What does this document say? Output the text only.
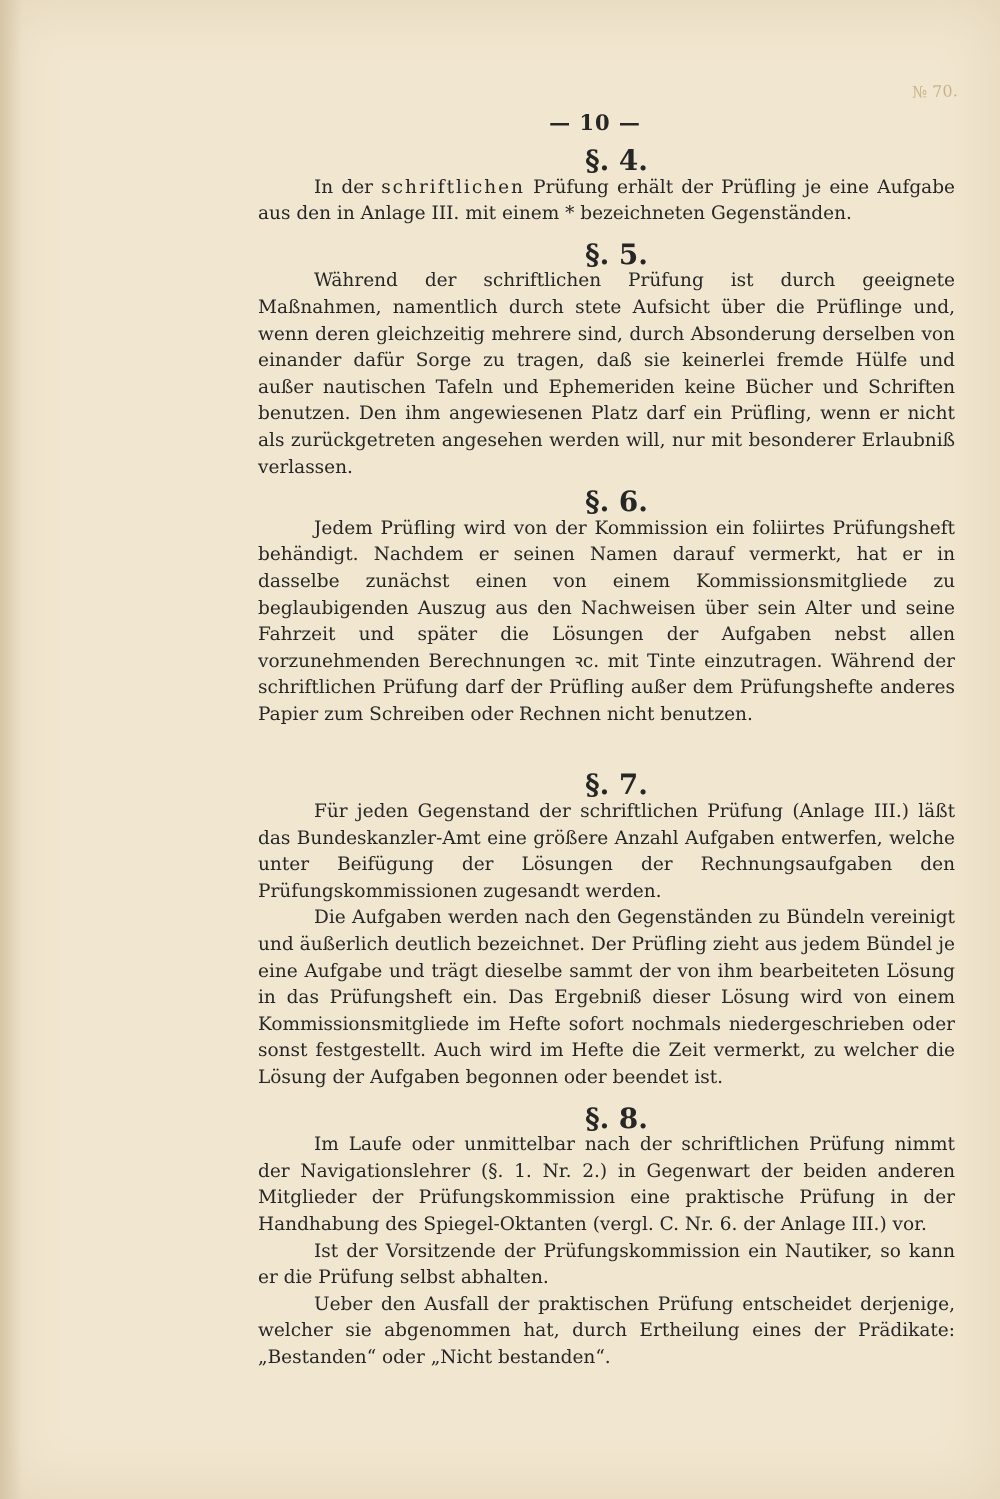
№ 70.
— 10 —
§. 4.

In der schriftlichen Prüfung erhält der Prüfling je eine Aufgabe aus den in Anlage III. mit einem * bezeichneten Gegenständen.

§. 5.

Während der schriftlichen Prüfung ist durch geeignete Maßnahmen, namentlich durch stete Aufsicht über die Prüflinge und, wenn deren gleichzeitig mehrere sind, durch Absonderung derselben von einander dafür Sorge zu tragen, daß sie keinerlei fremde Hülfe und außer nautischen Tafeln und Ephemeriden keine Bücher und Schriften benutzen. Den ihm angewiesenen Platz darf ein Prüfling, wenn er nicht als zurückgetreten angesehen werden will, nur mit besonderer Erlaubniß verlassen.

§. 6.

Jedem Prüfling wird von der Kommission ein foliirtes Prüfungsheft behändigt. Nachdem er seinen Namen darauf vermerkt, hat er in dasselbe zunächst einen von einem Kommissionsmitgliede zu beglaubigenden Auszug aus den Nachweisen über sein Alter und seine Fahrzeit und später die Lösungen der Aufgaben nebst allen vorzunehmenden Berechnungen ꝛc. mit Tinte einzutragen. Während der schriftlichen Prüfung darf der Prüfling außer dem Prüfungshefte anderes Papier zum Schreiben oder Rechnen nicht benutzen.

§. 7.

Für jeden Gegenstand der schriftlichen Prüfung (Anlage III.) läßt das Bundeskanzler-Amt eine größere Anzahl Aufgaben entwerfen, welche unter Beifügung der Lösungen der Rechnungsaufgaben den Prüfungskommissionen zugesandt werden.

Die Aufgaben werden nach den Gegenständen zu Bündeln vereinigt und äußerlich deutlich bezeichnet. Der Prüfling zieht aus jedem Bündel je eine Aufgabe und trägt dieselbe sammt der von ihm bearbeiteten Lösung in das Prüfungsheft ein. Das Ergebniß dieser Lösung wird von einem Kommissionsmitgliede im Hefte sofort nochmals niedergeschrieben oder sonst festgestellt. Auch wird im Hefte die Zeit vermerkt, zu welcher die Lösung der Aufgaben begonnen oder beendet ist.

§. 8.

Im Laufe oder unmittelbar nach der schriftlichen Prüfung nimmt der Navigationslehrer (§. 1. Nr. 2.) in Gegenwart der beiden anderen Mitglieder der Prüfungskommission eine praktische Prüfung in der Handhabung des Spiegel-Oktanten (vergl. C. Nr. 6. der Anlage III.) vor.

Ist der Vorsitzende der Prüfungskommission ein Nautiker, so kann er die Prüfung selbst abhalten.

Ueber den Ausfall der praktischen Prüfung entscheidet derjenige, welcher sie abgenommen hat, durch Ertheilung eines der Prädikate: „Bestanden“ oder „Nicht bestanden“.
